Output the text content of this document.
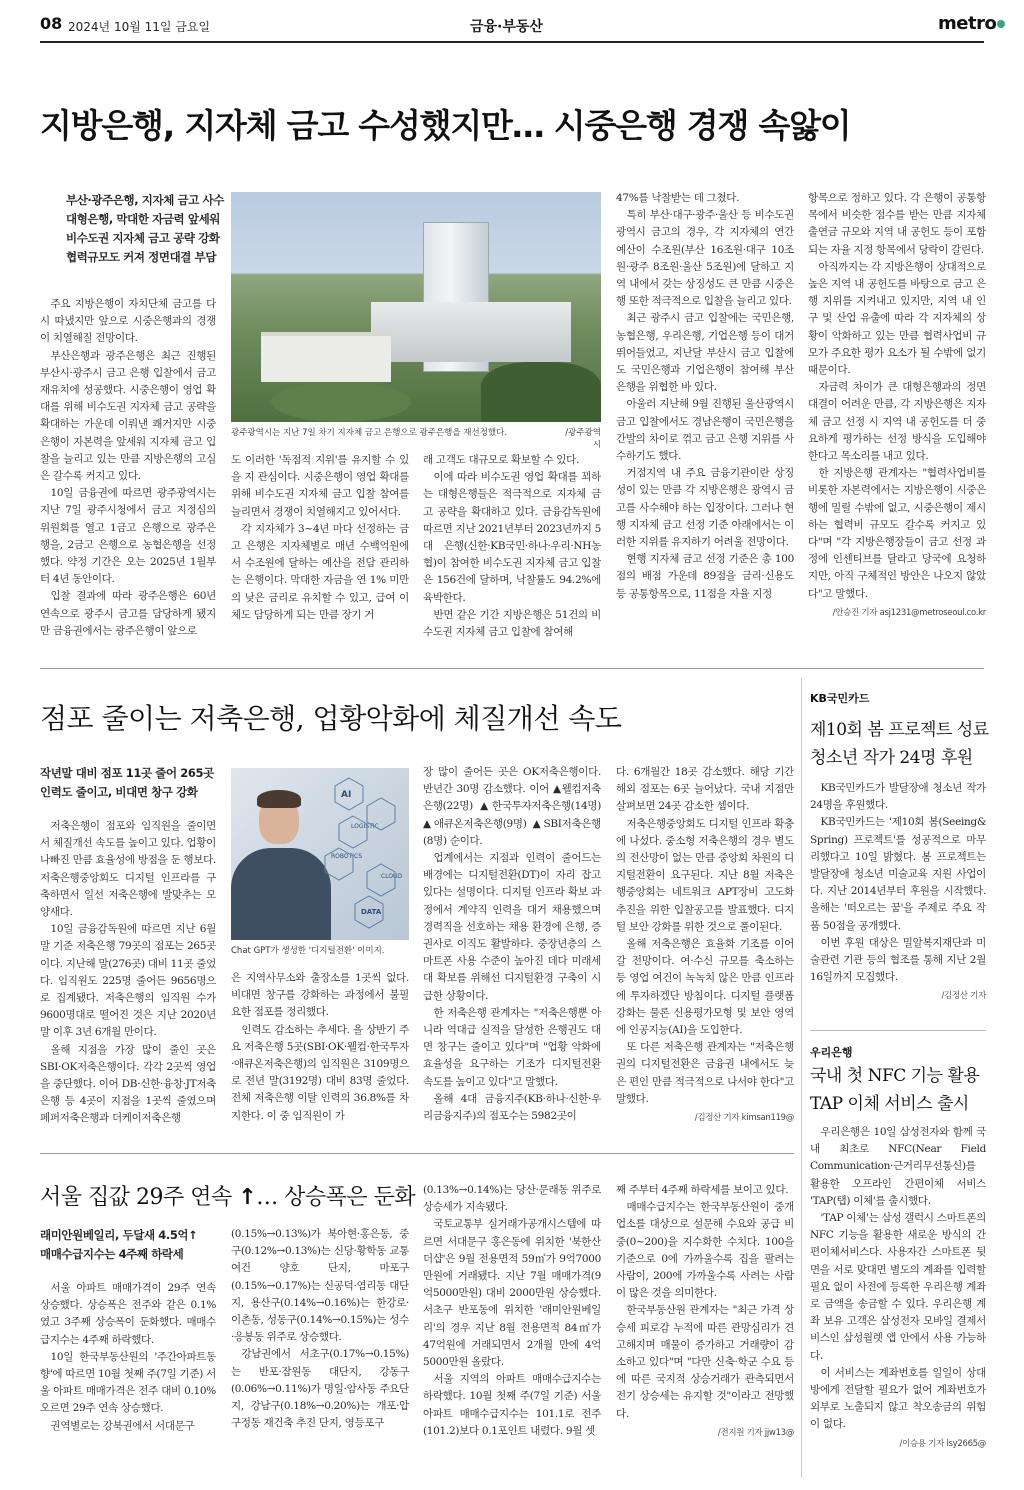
08 2024년 10월 11일 금요일	금융·부동산	metro
지방은행, 지자체 금고 수성했지만… 시중은행 경쟁 속앓이
부산·광주은행, 지자체 금고 사수
대형은행, 막대한 자금력 앞세워
비수도권 지자체 금고 공략 강화
협력규모도 커져 정면대결 부담
광주광역시는 지난 7일 차기 지자체 금고 은행으로 광주은행을 재선정했다.	/광주광역시

주요 지방은행이 자치단체 금고를 다시 따냈지만 앞으로 시중은행과의 경쟁이 치열해질 전망이다.

부산은행과 광주은행은 최근 진행된 부산시·광주시 금고 은행 입찰에서 금고 재유치에 성공했다. 시중은행이 영업 확대를 위해 비수도권 지자체 금고 공략을 확대하는 가운데 이뤄낸 쾌거지만 시중은행이 자본력을 앞세워 지자체 금고 입찰을 늘리고 있는 만큼 지방은행의 고심은 갈수록 커지고 있다.

10일 금융권에 따르면 광주광역시는 지난 7일 광주시청에서 금고 지정심의위원회를 열고 1금고 은행으로 광주은행을, 2금고 은행으로 농협은행을 선정했다. 약정 기간은 오는 2025년 1월부터 4년 동안이다.

입찰 결과에 따라 광주은행은 60년 연속으로 광주시 금고를 담당하게 됐지만 금융권에서는 광주은행이 앞으로

도 이러한 '독점적 지위'를 유지할 수 있을 지 관심이다. 시중은행이 영업 확대를 위해 비수도권 지자체 금고 입찰 참여를 늘리면서 경쟁이 치열해지고 있어서다.

각 지자체가 3~4년 마다 선정하는 금고 은행은 지자체별로 매년 수백억원에서 수조원에 달하는 예산을 전담 관리하는 은행이다. 막대한 자금을 연 1% 미만의 낮은 금리로 유치할 수 있고, 급여 이체도 담당하게 되는 만큼 장기 거

래 고객도 대규모로 확보할 수 있다.

이에 따라 비수도권 영업 확대를 꾀하는 대형은행들은 적극적으로 지자체 금고 공략을 확대하고 있다. 금융감독원에 따르면 지난 2021년부터 2023년까지 5대 은행(신한·KB국민·하나·우리·NH농협)이 참여한 비수도권 지자체 금고 입찰은 156건에 달하며, 낙찰률도 94.2%에 육박한다.

반면 같은 기간 지방은행은 51건의 비수도권 지자체 금고 입찰에 참여해

47%를 낙찰받는 데 그쳤다.

특히 부산·대구·광주·울산 등 비수도권 광역시 금고의 경우, 각 지자체의 연간 예산이 수조원(부산 16조원·대구 10조원·광주 8조원·울산 5조원)에 달하고 지역 내에서 갖는 상징성도 큰 만큼 시중은행 또한 적극적으로 입찰을 늘리고 있다.

최근 광주시 금고 입찰에는 국민은행, 농협은행, 우리은행, 기업은행 등이 대거 뛰어들었고, 지난달 부산시 금고 입찰에도 국민은행과 기업은행이 참여해 부산은행을 위협한 바 있다.

아울러 지난해 9월 진행된 울산광역시 금고 입찰에서도 경남은행이 국민은행을 간발의 차이로 꺾고 금고 은행 지위를 사수하기도 했다.

거점지역 내 주요 금융기관이란 상징성이 있는 만큼 각 지방은행은 광역시 금고를 사수해야 하는 입장이다. 그러나 현행 지자체 금고 선정 기준 아래에서는 이러한 지위를 유지하기 어려울 전망이다.

현행 지자체 금고 선정 기준은 총 100점의 배점 가운데 89점을 금리·신용도 등 공통항목으로, 11점을 자율 지정

항목으로 정하고 있다. 각 은행이 공통항목에서 비슷한 점수를 받는 만큼 지자체 출연금 규모와 지역 내 공헌도 등이 포함되는 자율 지정 항목에서 당락이 갈린다.

아직까지는 각 지방은행이 상대적으로 높은 지역 내 공헌도를 바탕으로 금고 은행 지위를 지켜내고 있지만, 지역 내 인구 및 산업 유출에 따라 각 지자체의 상황이 악화하고 있는 만큼 협력사업비 규모가 주요한 평가 요소가 될 수밖에 없기 때문이다.

자금력 차이가 큰 대형은행과의 정면대결이 어려운 만큼, 각 지방은행은 지자체 금고 선정 시 지역 내 공헌도를 더 중요하게 평가하는 선정 방식을 도입해야 한다고 목소리를 내고 있다.

한 지방은행 관계자는 "협력사업비를 비롯한 자본력에서는 지방은행이 시중은행에 밀릴 수밖에 없고, 시중은행이 제시하는 협력비 규모도 갈수록 커지고 있다"며 "각 지방은행장들이 금고 선정 과정에 인센티브를 달라고 당국에 요청하지만, 아직 구체적인 방안은 나오지 않았다"고 말했다.

/안승진 기자 asj1231@metroseoul.co.kr
점포 줄이는 저축은행, 업황악화에 체질개선 속도
작년말 대비 점포 11곳 줄어 265곳
인력도 줄이고, 비대면 창구 강화	AI
LOGISTIC
ROBOTICS
DATA
CLOUD
Chat GPT가 생성한 '디지털전환' 이미지.

저축은행이 점포와 임직원을 줄이면서 체질개선 속도를 높이고 있다. 업황이 나빠진 만큼 효율성에 방점을 둔 행보다. 저축은행중앙회도 디지털 인프라를 구축하면서 일선 저축은행에 발맞추는 모양새다.

10일 금융감독원에 따르면 지난 6월말 기준 저축은행 79곳의 점포는 265곳이다. 지난해 말(276곳) 대비 11곳 줄었다. 임직원도 225명 줄어든 9656명으로 집계됐다. 저축은행의 임직원 수가 9600명대로 떨어진 것은 지난 2020년 말 이후 3년 6개월 만이다.

올해 지점을 가장 많이 줄인 곳은 SBI·OK저축은행이다. 각각 2곳씩 영업을 중단했다. 이어 DB·신한·융창·JT저축은행 등 4곳이 지점을 1곳씩 줄였으며 페퍼저축은행과 더케이저축은행

은 지역사무소와 출장소를 1곳씩 없다. 비대면 창구를 강화하는 과정에서 불필요한 점포를 정리했다.

인력도 감소하는 추세다. 올 상반기 주요 저축은행 5곳(SBI·OK·웰컴·한국투자·애큐온저축은행)의 임직원은 3109명으로 전년 말(3192명) 대비 83명 줄었다. 전체 저축은행 이탈 인력의 36.8%를 차지한다. 이 중 임직원이 가

장 많이 줄어든 곳은 OK저축은행이다. 반년간 30명 감소했다. 이어 ▲웰컴저축은행(22명) ▲한국투자저축은행(14명) ▲애큐온저축은행(9명) ▲SBI저축은행(8명) 순이다.

업계에서는 지점과 인력이 줄어드는 배경에는 디지털전환(DT)이 자리 잡고 있다는 설명이다. 디지털 인프라 확보 과정에서 계약직 인력을 대거 채용했으며 경력직을 선호하는 채용 환경에 은행, 증권사로 이직도 활발하다. 중장년층의 스마트폰 사용 수준이 높아진 데다 미래세대 확보를 위해선 디지털환경 구축이 시급한 상황이다.

한 저축은행 관계자는 "저축은행뿐 아니라 역대급 실적을 달성한 은행권도 대면 창구는 줄이고 있다"며 "업황 악화에 효율성을 요구하는 기조가 디지털전환 속도를 높이고 있다"고 말했다.

올해 4대 금융지주(KB·하나·신한·우리금융지주)의 점포수는 5982곳이

다. 6개월간 18곳 감소했다. 해당 기간 해외 점포는 6곳 늘어났다. 국내 지점만 살펴보면 24곳 감소한 셈이다.

저축은행중앙회도 디지털 인프라 확충에 나섰다. 중소형 저축은행의 경우 별도의 전산망이 없는 만큼 중앙회 차원의 디지털전환이 요구된다. 지난 8월 저축은행중앙회는 네트워크 APT장비 고도화 추진을 위한 입찰공고를 발표했다. 디지털 보안 강화를 위한 것으로 풀이된다.

올해 저축은행은 효율화 기조를 이어갈 전망이다. 여·수신 규모를 축소하는 등 영업 여건이 녹녹치 않은 만큼 인프라에 투자하겠단 방침이다. 디지털 플랫폼 강화는 물론 신용평가모형 및 보안 영역에 인공지능(AI)을 도입한다.

또 다른 저축은행 관계자는 "저축은행권의 디지털전환은 금융권 내에서도 늦은 편인 만큼 적극적으로 나서야 한다"고 말했다.

/김정산 기자 kimsan119@
서울 집값 29주 연속 ↑… 상승폭은 둔화
래미안원베일리, 두달새 4.5억↑
매매수급지수는 4주째 하락세

서울 아파트 매매가격이 29주 연속 상승했다. 상승폭은 전주와 같은 0.1%였고 3주째 상승폭이 둔화했다. 매매수급지수는 4주째 하락했다.

10일 한국부동산원의 '주간아파트동향'에 따르면 10월 첫째 주(7일 기준) 서울 아파트 매매가격은 전주 대비 0.10% 오르면 29주 연속 상승했다.

권역별로는 강북권에서 서대문구

(0.15%→0.13%)가 북아현·홍은동, 중구(0.12%→0.13%)는 신당·황학동 교통여건 양호 단지, 마포구(0.15%→0.17%)는 신공덕·염리동 대단지, 용산구(0.14%→0.16%)는 한강로·이촌동, 성동구(0.14%→0.15%)는 성수·응봉동 위주로 상승했다.

강남권에서 서초구(0.17%→0.15%)는 반포·잠원동 대단지, 강동구(0.06%→0.11%)가 명일·암사동 주요단지, 강남구(0.18%→0.20%)는 개포·압구정동 재건축 추진 단지, 영등포구

(0.13%→0.14%)는 당산·문래동 위주로 상승세가 지속됐다.

국토교통부 실거래가공개시스템에 따르면 서대문구 홍은동에 위치한 '북한산더샵'은 9월 전용면적 59㎡가 9억7000만원에 거래됐다. 지난 7월 매매가격(9억5000만원) 대비 2000만원 상승했다. 서초구 반포동에 위치한 '래미안원베일리'의 경우 지난 8월 전용면적 84㎡가 47억원에 거래되면서 2개월 만에 4억5000만원 올랐다.

서울 지역의 아파트 매매수급지수는 하락했다. 10월 첫째 주(7일 기준) 서울 아파트 매매수급지수는 101.1로 전주(101.2)보다 0.1포인트 내렸다. 9월 셋

째 주부터 4주째 하락세를 보이고 있다.

매매수급지수는 한국부동산원이 중개업소를 대상으로 설문해 수요와 공급 비중(0~200)을 지수화한 수치다. 100을 기준으로 0에 가까울수록 집을 팔려는 사람이, 200에 가까울수록 사려는 사람이 많은 것을 의미한다.

한국부동산원 관계자는 "최근 가격 상승세 피로감 누적에 따른 관망심리가 견고해지며 매물이 증가하고 거래량이 감소하고 있다"며 "다만 신축·학군 수요 등에 따른 국지적 상승거래가 관측되면서 전기 상승세는 유지할 것"이라고 전망했다.

/전지원 기자 jjw13@
KB국민카드
제10회 봄 프로젝트 성료
청소년 작가 24명 후원

KB국민카드가 발달장애 청소년 작가 24명을 후원했다.

KB국민카드는 '제10회 봄(Seeing& Spring) 프로젝트'를 성공적으로 마무리했다고 10일 밝혔다. 봄 프로젝트는 발달장애 청소년 미술교육 지원 사업이다. 지난 2014년부터 후원을 시작했다. 올해는 '떠오르는 꿈'을 주제로 주요 작품 50점을 공개했다.

이번 후원 대상은 밀알복지재단과 미술관련 기관 등의 협조를 통해 지난 2월 16일까지 모집했다.

/김정산 기자
우리은행
국내 첫 NFC 기능 활용
TAP 이체 서비스 출시

우리은행은 10일 삼성전자와 함께 국내 최초로 NFC(Near Field Communication·근거리무선통신)를 활용한 오프라인 간편이체 서비스 'TAP(탭) 이체'를 출시했다.

'TAP 이체'는 삼성 갤럭시 스마트폰의 NFC 기능을 활용한 새로운 방식의 간편이체서비스다. 사용자간 스마트폰 뒷면을 서로 맞대면 별도의 계좌를 입력할 필요 없이 사전에 등록한 우리은행 계좌로 금액을 송금할 수 있다. 우리은행 계좌 보유 고객은 삼성전자 모바일 결제서비스인 삼성월렛 앱 안에서 사용 가능하다.

이 서비스는 계좌번호를 일일이 상대방에게 전달할 필요가 없어 계좌번호가 외부로 노출되지 않고 착오송금의 위험이 없다.

/이승용 기자 lsy2665@
